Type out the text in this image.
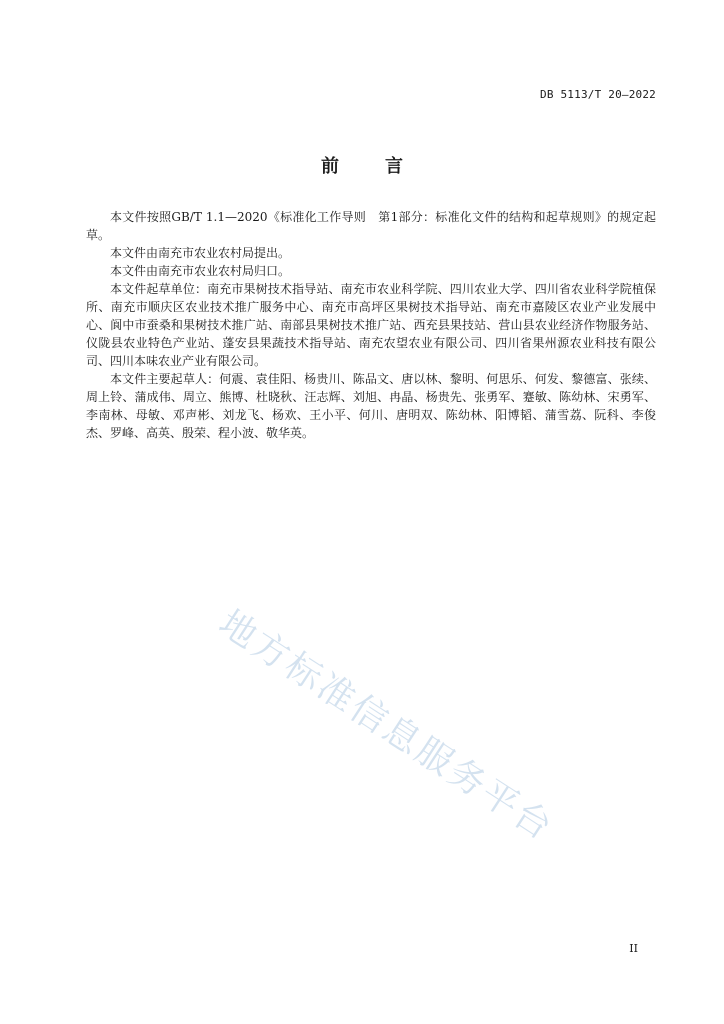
DB 5113/T 20—2022
前	言

本文件按照GB/T 1.1—2020《标准化工作导则　第1部分：标准化文件的结构和起草规则》的规定起草。

本文件由南充市农业农村局提出。

本文件由南充市农业农村局归口。

本文件起草单位：南充市果树技术指导站、南充市农业科学院、四川农业大学、四川省农业科学院植保所、南充市顺庆区农业技术推广服务中心、南充市高坪区果树技术指导站、南充市嘉陵区农业产业发展中心、阆中市蚕桑和果树技术推广站、南部县果树技术推广站、西充县果技站、营山县农业经济作物服务站、仪陇县农业特色产业站、蓬安县果蔬技术指导站、南充农望农业有限公司、四川省果州源农业科技有限公司、四川本味农业产业有限公司。

本文件主要起草人：何震、袁佳阳、杨贵川、陈品文、唐以林、黎明、何思乐、何发、黎德富、张续、周上铃、蒲成伟、周立、熊博、杜晓秋、汪志辉、刘旭、冉晶、杨贵先、张勇军、蹇敏、陈幼林、宋勇军、李南林、母敏、邓声彬、刘龙飞、杨欢、王小平、何川、唐明双、陈幼林、阳博韬、蒲雪荔、阮科、李俊杰、罗峰、高英、殷荣、程小波、敬华英。

地方标准信息服务平台
II
